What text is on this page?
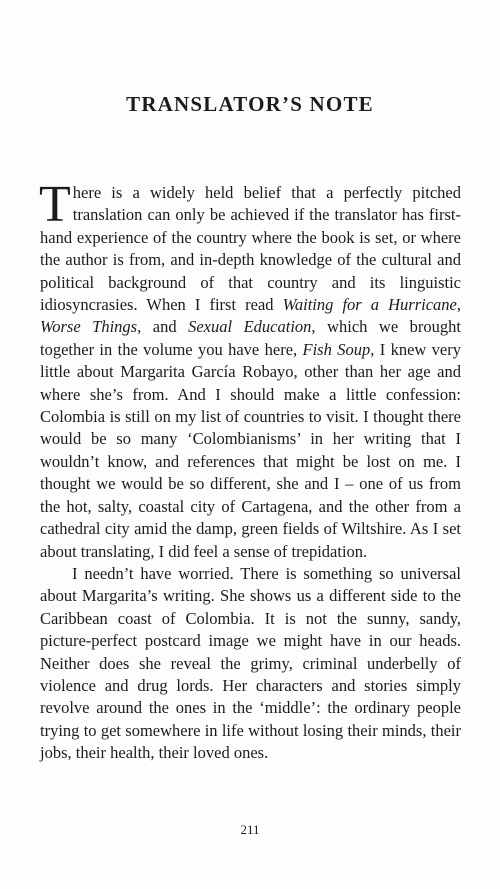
TRANSLATOR’S NOTE

There is a widely held belief that a perfectly pitched translation can only be achieved if the translator has first-hand experience of the country where the book is set, or where the author is from, and in-depth knowledge of the cultural and political background of that country and its linguistic idiosyncrasies. When I first read Waiting for a Hurricane, Worse Things, and Sexual Education, which we brought together in the volume you have here, Fish Soup, I knew very little about Margarita García Robayo, other than her age and where she’s from. And I should make a little confession: Colombia is still on my list of countries to visit. I thought there would be so many ‘Colombianisms’ in her writing that I wouldn’t know, and references that might be lost on me. I thought we would be so different, she and I – one of us from the hot, salty, coastal city of Cartagena, and the other from a cathedral city amid the damp, green fields of Wiltshire. As I set about translating, I did feel a sense of trepidation.

I needn’t have worried. There is something so universal about Margarita’s writing. She shows us a different side to the Caribbean coast of Colombia. It is not the sunny, sandy, picture-perfect postcard image we might have in our heads. Neither does she reveal the grimy, criminal underbelly of violence and drug lords. Her characters and stories simply revolve around the ones in the ‘middle’: the ordinary people trying to get somewhere in life without losing their minds, their jobs, their health, their loved ones.

211
